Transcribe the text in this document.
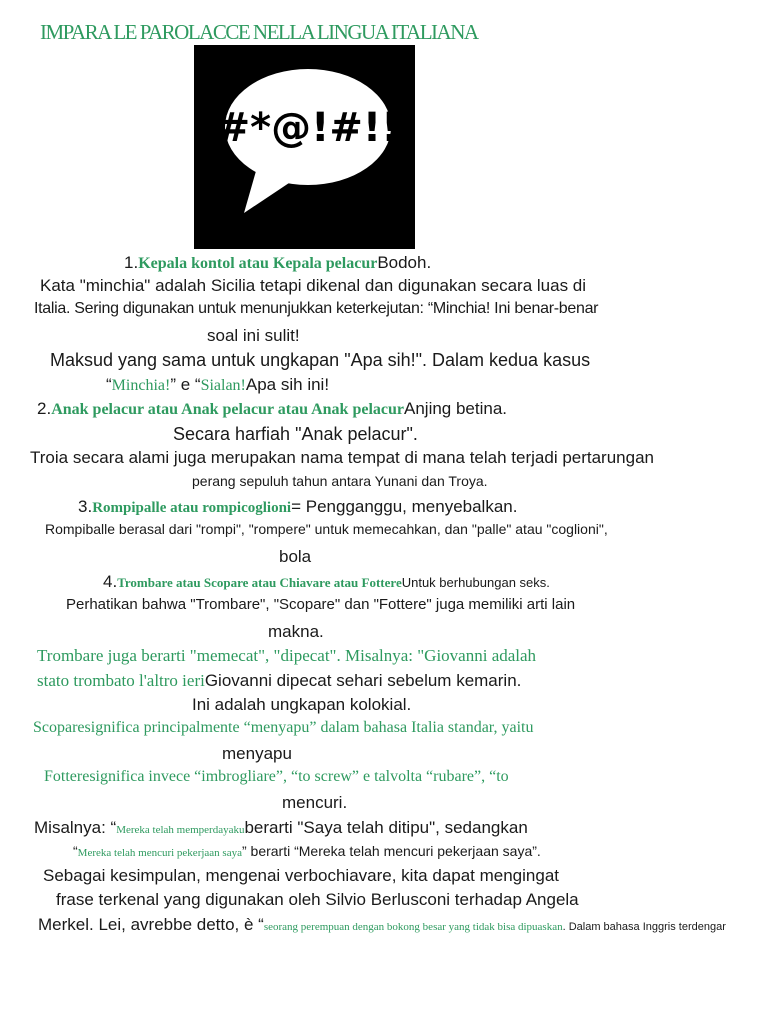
IMPARA LE PAROLACCE NELLA LINGUA ITALIANA
#*@!#!!
1.Kepala kontol atau Kepala pelacurBodoh.
Kata "minchia" adalah Sicilia tetapi dikenal dan digunakan secara luas di
Italia. Sering digunakan untuk menunjukkan keterkejutan: “Minchia! Ini benar-benar
soal ini sulit!
Maksud yang sama untuk ungkapan "Apa sih!". Dalam kedua kasus
“Minchia!” e “Sialan!Apa sih ini!
2.Anak pelacur atau Anak pelacur atau Anak pelacurAnjing betina.
Secara harfiah "Anak pelacur".
Troia secara alami juga merupakan nama tempat di mana telah terjadi pertarungan
perang sepuluh tahun antara Yunani dan Troya.
3.Rompipalle atau rompicoglioni= Pengganggu, menyebalkan.
Rompiballe berasal dari "rompi", "rompere" untuk memecahkan, dan "palle" atau "coglioni",
bola
4.Trombare atau Scopare atau Chiavare atau FottereUntuk berhubungan seks.
Perhatikan bahwa "Trombare", "Scopare" dan "Fottere" juga memiliki arti lain
makna.
Trombare juga berarti "memecat", "dipecat". Misalnya: "Giovanni adalah
stato trombato l'altro ieriGiovanni dipecat sehari sebelum kemarin.
Ini adalah ungkapan kolokial.
Scoparesignifica principalmente “menyapu” dalam bahasa Italia standar, yaitu
menyapu
Fotteresignifica invece “imbrogliare”, “to screw” e talvolta “rubare”, “to
mencuri.
Misalnya: “Mereka telah memperdayakuberarti "Saya telah ditipu", sedangkan
“Mereka telah mencuri pekerjaan saya” berarti “Mereka telah mencuri pekerjaan saya”.
Sebagai kesimpulan, mengenai verbochiavare, kita dapat mengingat
frase terkenal yang digunakan oleh Silvio Berlusconi terhadap Angela
Merkel. Lei, avrebbe detto, è “seorang perempuan dengan bokong besar yang tidak bisa dipuaskan. Dalam bahasa Inggris terdengar
